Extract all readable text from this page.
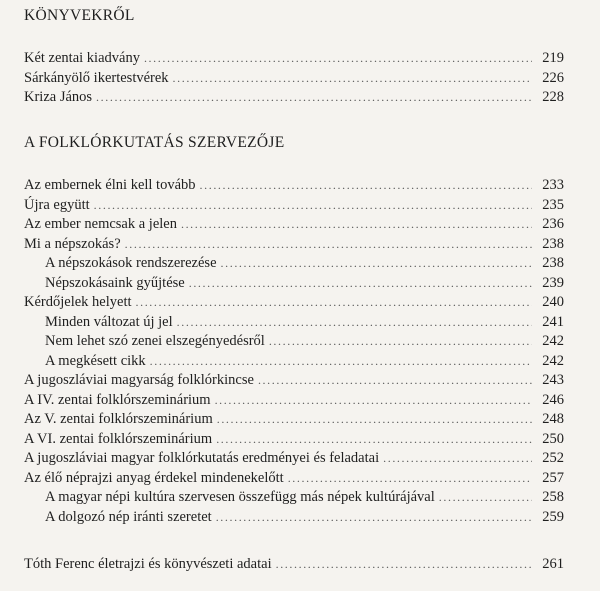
KÖNYVEKRŐL
Két zentai kiadvány .....	219
Sárkányölő ikertestvérek .....	226
Kriza János .....	228
A FOLKLÓRKUTATÁS SZERVEZŐJE
Az embernek élni kell tovább .....	233
Újra együtt .....	235
Az ember nemcsak a jelen .....	236
Mi a népszokás? .....	238
A népszokások rendszerezése .....	238
Népszokásaink gyűjtése .....	239
Kérdőjelek helyett .....	240
Minden változat új jel .....	241
Nem lehet szó zenei elszegényedésről .....	242
A megkésett cikk .....	242
A jugoszláviai magyarság folklórkincse .....	243
A IV. zentai folklórszeminárium .....	246
Az V. zentai folklórszeminárium .....	248
A VI. zentai folklórszeminárium .....	250
A jugoszláviai magyar folklórkutatás eredményei és feladatai .....	252
Az élő néprajzi anyag érdekel mindenekelőtt .....	257
A magyar népi kultúra szervesen összefügg más népek kultúrájával .....	258
A dolgozó nép iránti szeretet .....	259
Tóth Ferenc életrajzi és könyvészeti adatai .....	261
